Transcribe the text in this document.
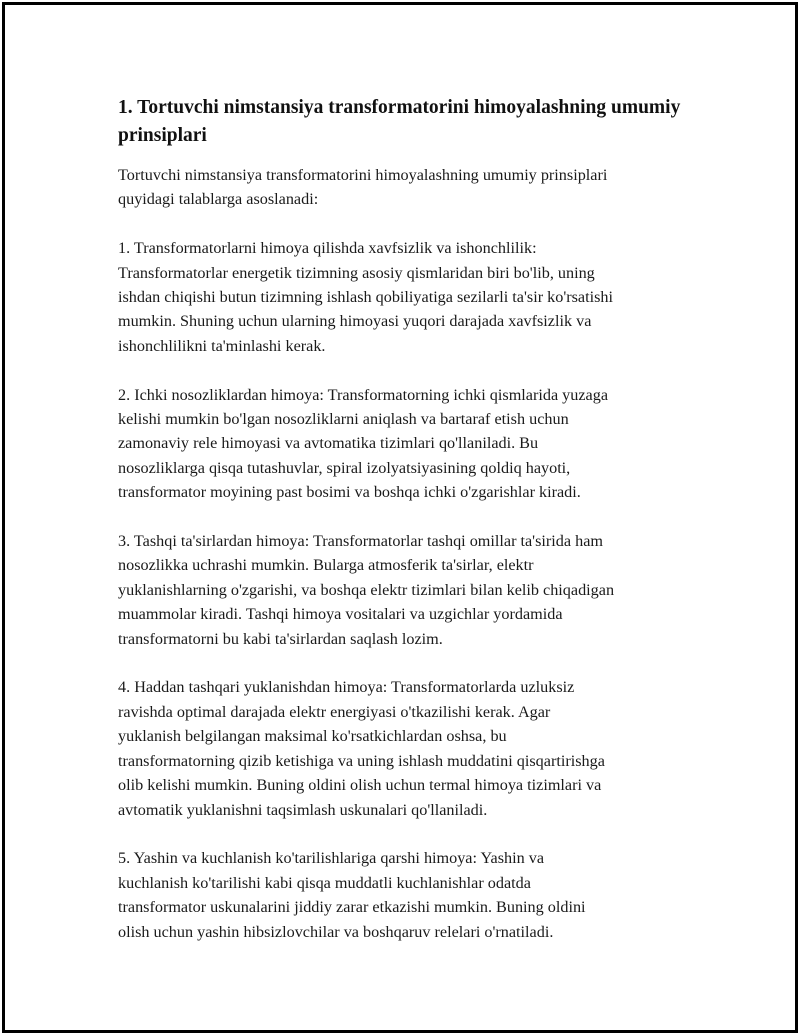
1. Tortuvchi nimstansiya transformatorini himoyalashning umumiy prinsiplari

Tortuvchi nimstansiya transformatorini himoyalashning umumiy prinsiplari
quyidagi talablarga asoslanadi:

1. Transformatorlarni himoya qilishda xavfsizlik va ishonchlilik:
Transformatorlar energetik tizimning asosiy qismlaridan biri bo'lib, uning
ishdan chiqishi butun tizimning ishlash qobiliyatiga sezilarli ta'sir ko'rsatishi
mumkin. Shuning uchun ularning himoyasi yuqori darajada xavfsizlik va
ishonchlilikni ta'minlashi kerak.

2. Ichki nosozliklardan himoya: Transformatorning ichki qismlarida yuzaga
kelishi mumkin bo'lgan nosozliklarni aniqlash va bartaraf etish uchun
zamonaviy rele himoyasi va avtomatika tizimlari qo'llaniladi. Bu
nosozliklarga qisqa tutashuvlar, spiral izolyatsiyasining qoldiq hayoti,
transformator moyining past bosimi va boshqa ichki o'zgarishlar kiradi.

3. Tashqi ta'sirlardan himoya: Transformatorlar tashqi omillar ta'sirida ham
nosozlikka uchrashi mumkin. Bularga atmosferik ta'sirlar, elektr
yuklanishlarning o'zgarishi, va boshqa elektr tizimlari bilan kelib chiqadigan
muammolar kiradi. Tashqi himoya vositalari va uzgichlar yordamida
transformatorni bu kabi ta'sirlardan saqlash lozim.

4. Haddan tashqari yuklanishdan himoya: Transformatorlarda uzluksiz
ravishda optimal darajada elektr energiyasi o'tkazilishi kerak. Agar
yuklanish belgilangan maksimal ko'rsatkichlardan oshsa, bu
transformatorning qizib ketishiga va uning ishlash muddatini qisqartirishga
olib kelishi mumkin. Buning oldini olish uchun termal himoya tizimlari va
avtomatik yuklanishni taqsimlash uskunalari qo'llaniladi.

5. Yashin va kuchlanish ko'tarilishlariga qarshi himoya: Yashin va
kuchlanish ko'tarilishi kabi qisqa muddatli kuchlanishlar odatda
transformator uskunalarini jiddiy zarar etkazishi mumkin. Buning oldini
olish uchun yashin hibsizlovchilar va boshqaruv relelari o'rnatiladi.
